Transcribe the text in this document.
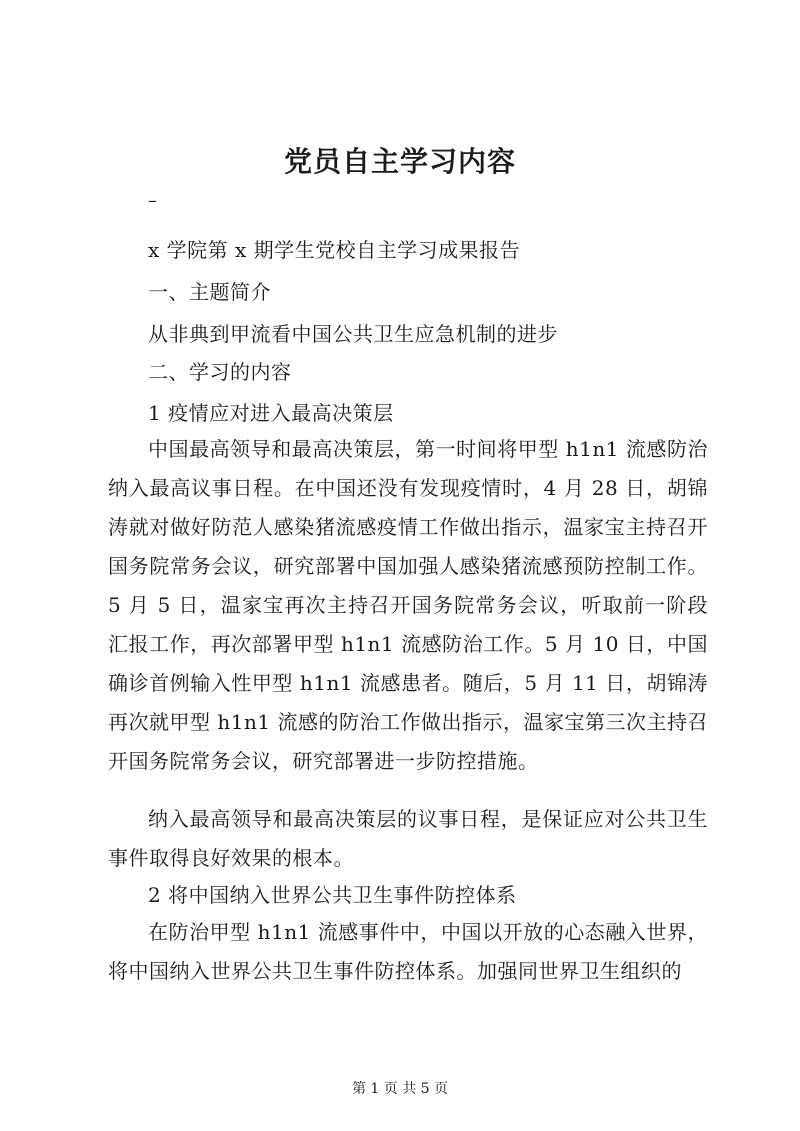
党员自主学习内容
–
x 学院第 x 期学生党校自主学习成果报告
一、主题简介
从非典到甲流看中国公共卫生应急机制的进步
二、学习的内容
1 疫情应对进入最高决策层
中国最高领导和最高决策层，第一时间将甲型 h1n1 流感防治纳入最高议事日程。在中国还没有发现疫情时，4 月 28 日，胡锦涛就对做好防范人感染猪流感疫情工作做出指示，温家宝主持召开国务院常务会议，研究部署中国加强人感染猪流感预防控制工作。5 月 5 日，温家宝再次主持召开国务院常务会议，听取前一阶段汇报工作，再次部署甲型 h1n1 流感防治工作。5 月 10 日，中国确诊首例输入性甲型 h1n1 流感患者。随后，5 月 11 日，胡锦涛再次就甲型 h1n1 流感的防治工作做出指示，温家宝第三次主持召开国务院常务会议，研究部署进一步防控措施。
纳入最高领导和最高决策层的议事日程，是保证应对公共卫生事件取得良好效果的根本。
2 将中国纳入世界公共卫生事件防控体系
在防治甲型 h1n1 流感事件中，中国以开放的心态融入世界，将中国纳入世界公共卫生事件防控体系。加强同世界卫生组织的
第 1 页 共 5 页
